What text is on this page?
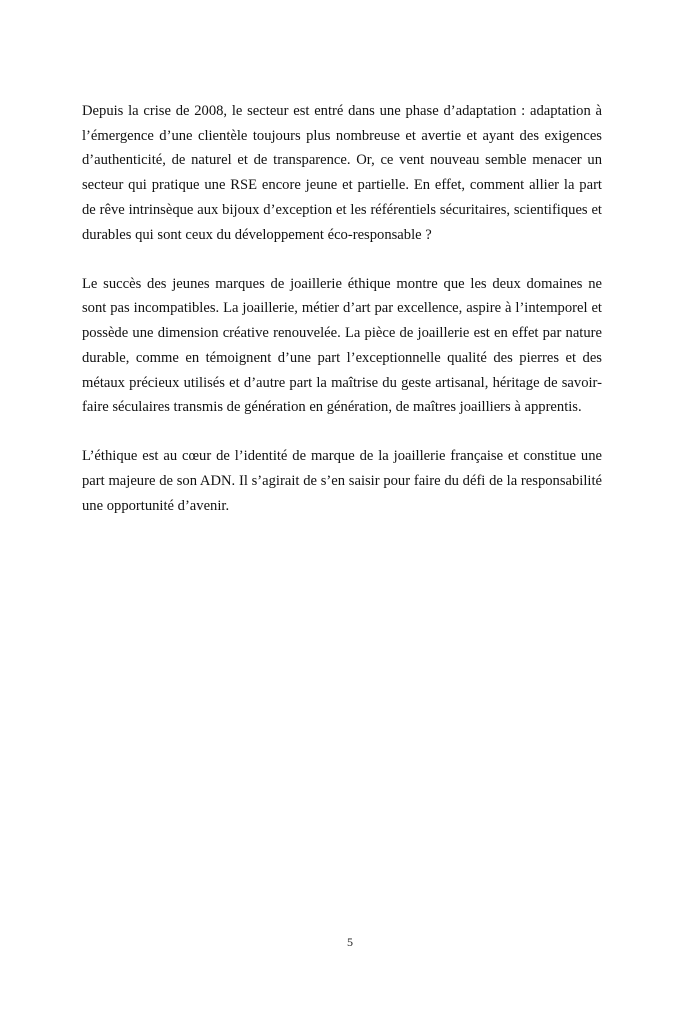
Depuis la crise de 2008, le secteur est entré dans une phase d’adaptation : adaptation à l’émergence d’une clientèle toujours plus nombreuse et avertie et ayant des exigences d’authenticité, de naturel et de transparence. Or, ce vent nouveau semble menacer un secteur qui pratique une RSE encore jeune et partielle. En effet, comment allier la part de rêve intrinsèque aux bijoux d’exception et les référentiels sécuritaires, scientifiques et durables qui sont ceux du développement éco-responsable ?

Le succès des jeunes marques de joaillerie éthique montre que les deux domaines ne sont pas incompatibles. La joaillerie, métier d’art par excellence, aspire à l’intemporel et possède une dimension créative renouvelée. La pièce de joaillerie est en effet par nature durable, comme en témoignent d’une part l’exceptionnelle qualité des pierres et des métaux précieux utilisés et d’autre part la maîtrise du geste artisanal, héritage de savoir-faire séculaires transmis de génération en génération, de maîtres joailliers à apprentis.

L’éthique est au cœur de l’identité de marque de la joaillerie française et constitue une part majeure de son ADN. Il s’agirait de s’en saisir pour faire du défi de la responsabilité une opportunité d’avenir.

5
